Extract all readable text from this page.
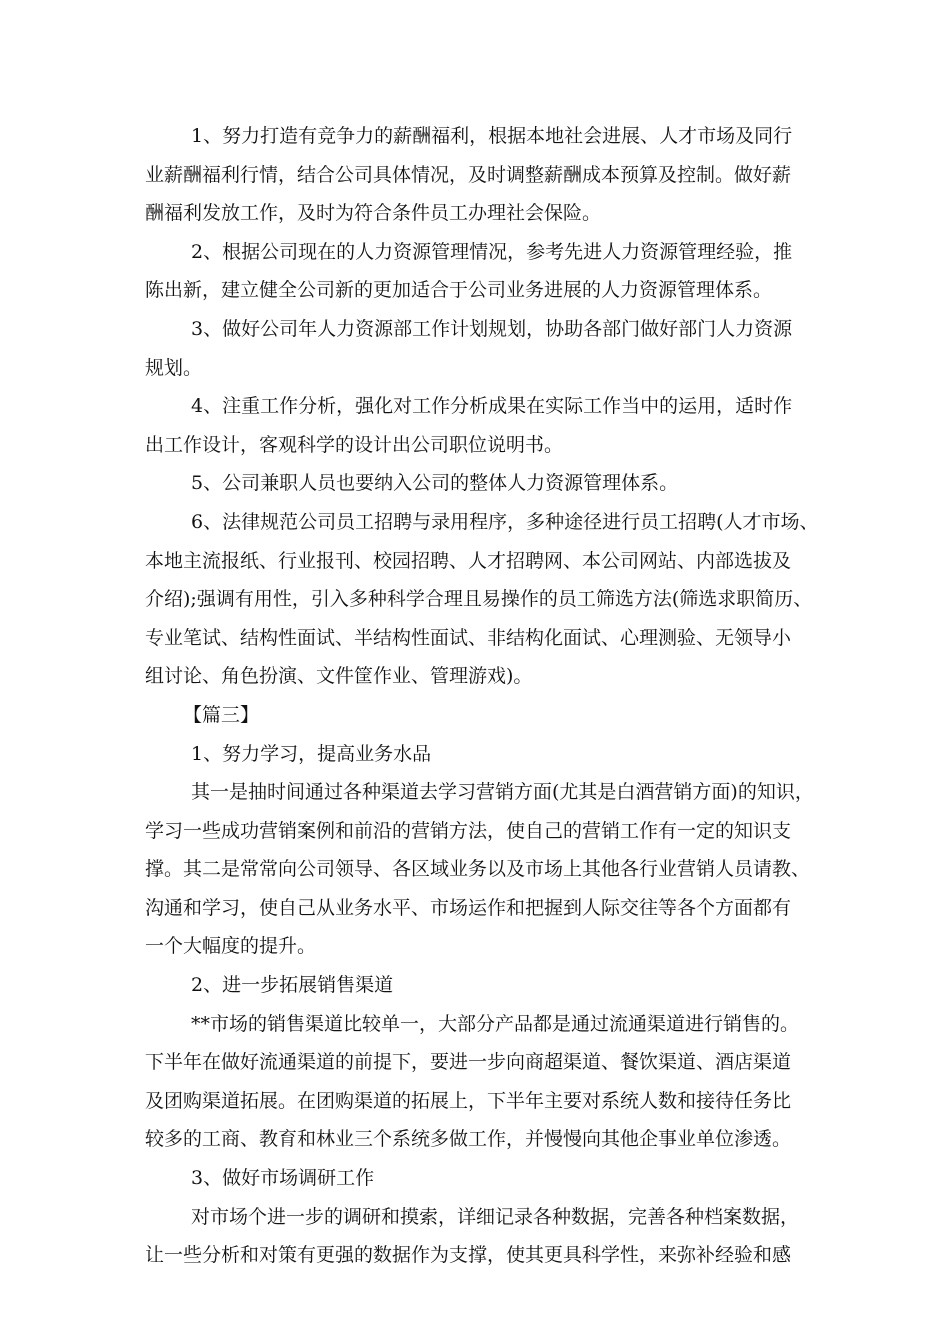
1、努力打造有竞争力的薪酬福利，根据本地社会进展、人才市场及同行
业薪酬福利行情，结合公司具体情况，及时调整薪酬成本预算及控制。做好薪
酬福利发放工作，及时为符合条件员工办理社会保险。
2、根据公司现在的人力资源管理情况，参考先进人力资源管理经验，推
陈出新，建立健全公司新的更加适合于公司业务进展的人力资源管理体系。
3、做好公司年人力资源部工作计划规划，协助各部门做好部门人力资源
规划。
4、注重工作分析，强化对工作分析成果在实际工作当中的运用，适时作
出工作设计，客观科学的设计出公司职位说明书。
5、公司兼职人员也要纳入公司的整体人力资源管理体系。
6、法律规范公司员工招聘与录用程序，多种途径进行员工招聘(人才市场、
本地主流报纸、行业报刊、校园招聘、人才招聘网、本公司网站、内部选拔及
介绍);强调有用性，引入多种科学合理且易操作的员工筛选方法(筛选求职简历、
专业笔试、结构性面试、半结构性面试、非结构化面试、心理测验、无领导小
组讨论、角色扮演、文件筐作业、管理游戏)。
【篇三】
1、努力学习，提高业务水品
其一是抽时间通过各种渠道去学习营销方面(尤其是白酒营销方面)的知识，
学习一些成功营销案例和前沿的营销方法，使自己的营销工作有一定的知识支
撑。其二是常常向公司领导、各区域业务以及市场上其他各行业营销人员请教、
沟通和学习，使自己从业务水平、市场运作和把握到人际交往等各个方面都有
一个大幅度的提升。
2、进一步拓展销售渠道
**市场的销售渠道比较单一，大部分产品都是通过流通渠道进行销售的。
下半年在做好流通渠道的前提下，要进一步向商超渠道、餐饮渠道、酒店渠道
及团购渠道拓展。在团购渠道的拓展上，下半年主要对系统人数和接待任务比
较多的工商、教育和林业三个系统多做工作，并慢慢向其他企事业单位渗透。
3、做好市场调研工作
对市场个进一步的调研和摸索，详细记录各种数据，完善各种档案数据，
让一些分析和对策有更强的数据作为支撑，使其更具科学性，来弥补经验和感
